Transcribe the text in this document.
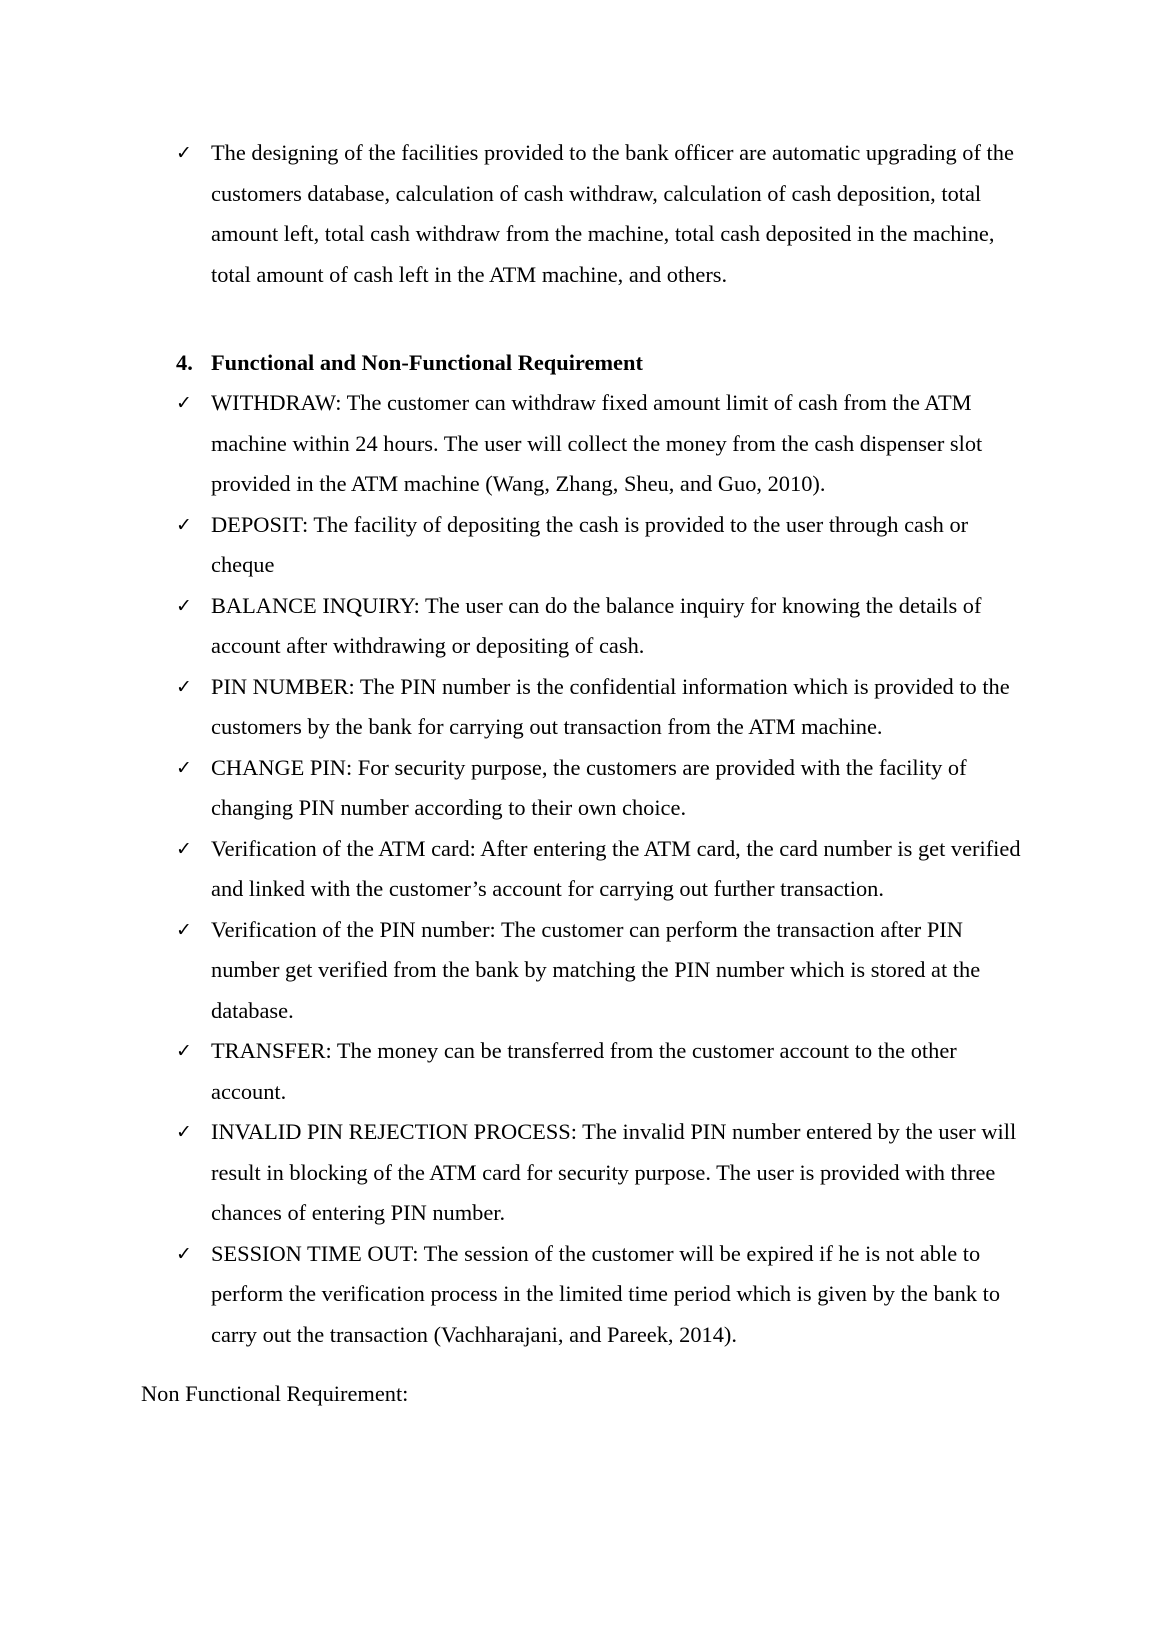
✓ The designing of the facilities provided to the bank officer are automatic upgrading of the customers database, calculation of cash withdraw, calculation of cash deposition, total amount left, total cash withdraw from the machine, total cash deposited in the machine, total amount of cash left in the ATM machine, and others.

4. Functional and Non-Functional Requirement

✓ WITHDRAW: The customer can withdraw fixed amount limit of cash from the ATM machine within 24 hours. The user will collect the money from the cash dispenser slot provided in the ATM machine (Wang, Zhang, Sheu, and Guo, 2010).

✓ DEPOSIT: The facility of depositing the cash is provided to the user through cash or cheque

✓ BALANCE INQUIRY: The user can do the balance inquiry for knowing the details of account after withdrawing or depositing of cash.

✓ PIN NUMBER: The PIN number is the confidential information which is provided to the customers by the bank for carrying out transaction from the ATM machine.

✓ CHANGE PIN: For security purpose, the customers are provided with the facility of changing PIN number according to their own choice.

✓ Verification of the ATM card: After entering the ATM card, the card number is get verified and linked with the customer’s account for carrying out further transaction.

✓ Verification of the PIN number: The customer can perform the transaction after PIN number get verified from the bank by matching the PIN number which is stored at the database.

✓ TRANSFER: The money can be transferred from the customer account to the other account.

✓ INVALID PIN REJECTION PROCESS: The invalid PIN number entered by the user will result in blocking of the ATM card for security purpose. The user is provided with three chances of entering PIN number.

✓ SESSION TIME OUT: The session of the customer will be expired if he is not able to perform the verification process in the limited time period which is given by the bank to carry out the transaction (Vachharajani, and Pareek, 2014).

Non Functional Requirement:
